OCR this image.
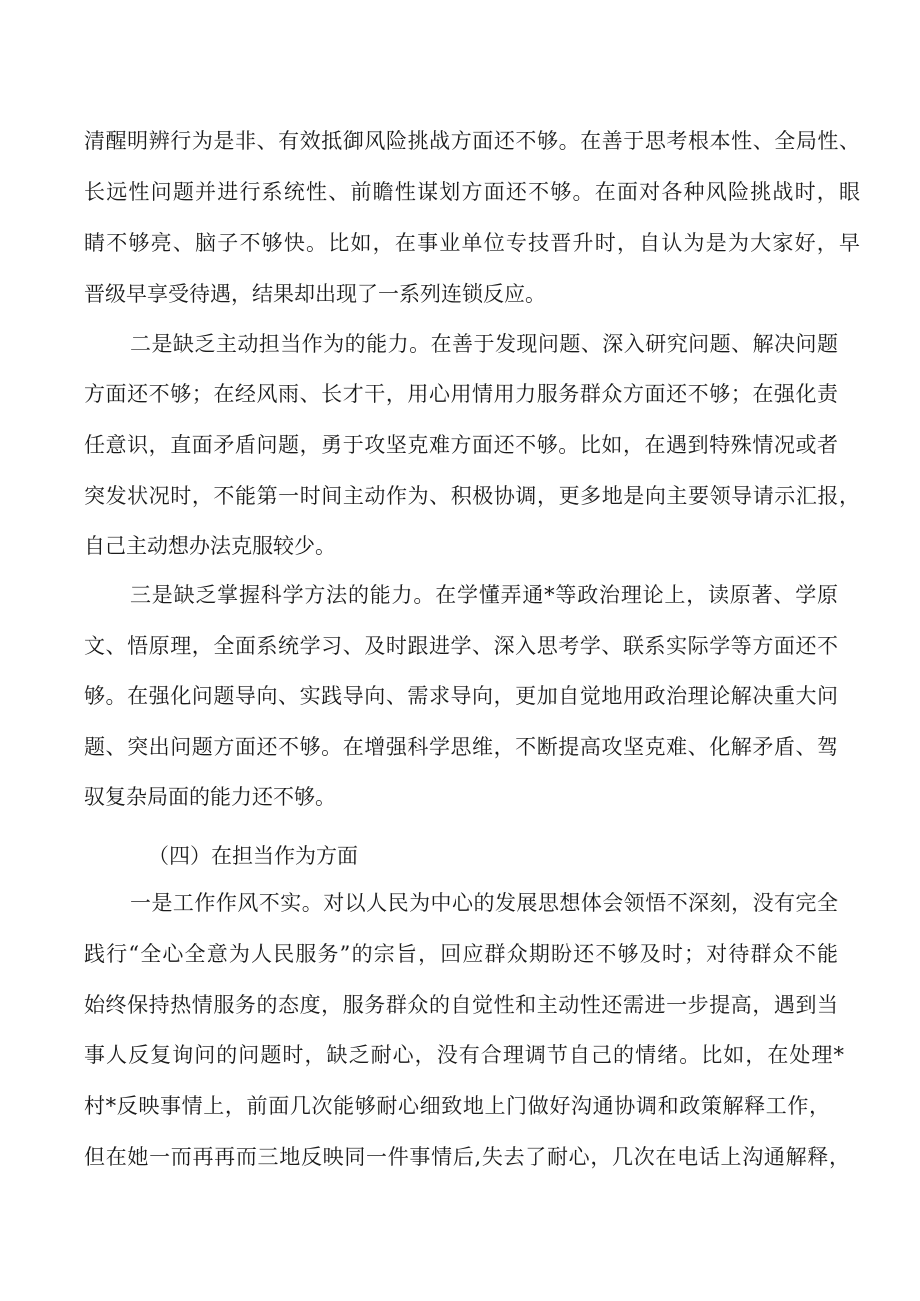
清醒明辨行为是非、有效抵御风险挑战方面还不够。在善于思考根本性、全局性、
长远性问题并进行系统性、前瞻性谋划方面还不够。在面对各种风险挑战时，眼
睛不够亮、脑子不够快。比如，在事业单位专技晋升时，自认为是为大家好，早
晋级早享受待遇，结果却出现了一系列连锁反应。
二是缺乏主动担当作为的能力。在善于发现问题、深入研究问题、解决问题
方面还不够；在经风雨、长才干，用心用情用力服务群众方面还不够；在强化责
任意识，直面矛盾问题，勇于攻坚克难方面还不够。比如，在遇到特殊情况或者
突发状况时，不能第一时间主动作为、积极协调，更多地是向主要领导请示汇报，
自己主动想办法克服较少。
三是缺乏掌握科学方法的能力。在学懂弄通*等政治理论上，读原著、学原
文、悟原理，全面系统学习、及时跟进学、深入思考学、联系实际学等方面还不
够。在强化问题导向、实践导向、需求导向，更加自觉地用政治理论解决重大问
题、突出问题方面还不够。在增强科学思维，不断提高攻坚克难、化解矛盾、驾
驭复杂局面的能力还不够。
（四）在担当作为方面
一是工作作风不实。对以人民为中心的发展思想体会领悟不深刻，没有完全
践行“全心全意为人民服务”的宗旨，回应群众期盼还不够及时；对待群众不能
始终保持热情服务的态度，服务群众的自觉性和主动性还需进一步提高，遇到当
事人反复询问的问题时，缺乏耐心，没有合理调节自己的情绪。比如，在处理*
村*反映事情上，前面几次能够耐心细致地上门做好沟通协调和政策解释工作，
但在她一而再再而三地反映同一件事情后,失去了耐心，几次在电话上沟通解释，
